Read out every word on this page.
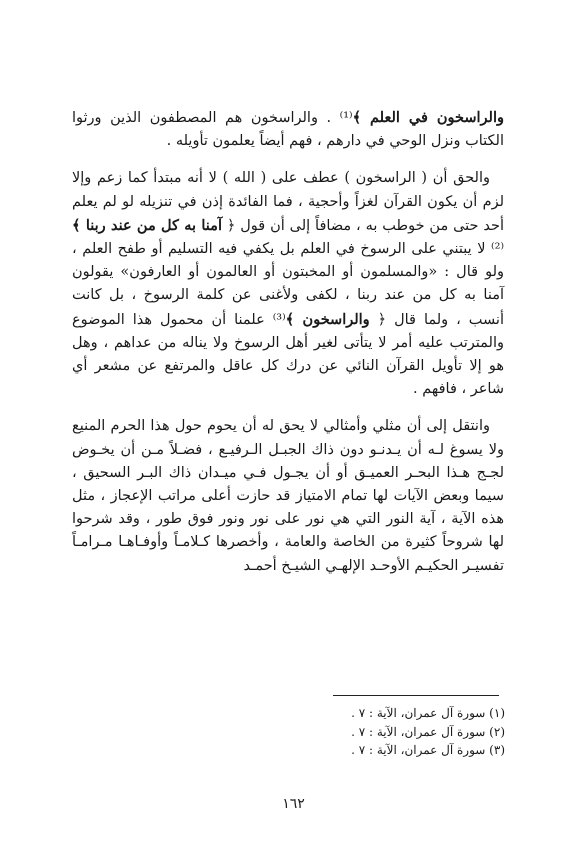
والراسخون في العلم ﴾⁽¹⁾ . والراسخون هم المصطفون الذين ورثوا الكتاب ونزل الوحي في دارهم ، فهم أيضاً يعلمون تأويله .

والحق أن ( الراسخون ) عطف على ( الله ) لا أنه مبتدأ كما زعم وإلا لزم أن يكون القرآن لغزاً وأحجية ، فما الفائدة إذن في تنزيله لو لم يعلم أحد حتى من خوطب به ، مضافاً إلى أن قول ﴿ آمنا به كل من عند ربنا ﴾⁽²⁾ لا يبتني على الرسوخ في العلم بل يكفي فيه التسليم أو طفح العلم ، ولو قال : «والمسلمون أو المخبتون أو العالمون أو العارفون» يقولون آمنا به كل من عند ربنا ، لكفى ولأغنى عن كلمة الرسوخ ، بل كانت أنسب ، ولما قال ﴿ والراسخون ﴾⁽³⁾ علمنا أن محمول هذا الموضوع والمترتب عليه أمر لا يتأتى لغير أهل الرسوخ ولا يناله من عداهم ، وهل هو إلا تأويل القرآن النائي عن درك كل عاقل والمرتفع عن مشعر أي شاعر ، فافهم .

وانتقل إلى أن مثلي وأمثالي لا يحق له أن يحوم حول هذا الحرم المنيع ولا يسوغ لـه أن يـدنـو دون ذاك الجبـل الـرفيـع ، فضـلاً مـن أن يخـوض لجـج هـذا البحـر العميـق أو أن يجـول فـي ميـدان ذاك البـر السحيق ، سيما وبعض الآيات لها تمام الامتياز قد حازت أعلى مراتب الإعجاز ، مثل هذه الآية ، آية النور التي هي نور على نور ونور فوق طور ، وقد شرحوا لها شروحاً كثيرة من الخاصة والعامة ، وأخصرها كـلامـاً وأوفـاهـا مـرامـاً تفسيـر الحكيـم الأوحـد الإلهـي الشيـخ أحمـد

(١) سورة آل عمران، الآية : ٧ .

(٢) سورة آل عمران، الآية : ٧ .

(٣) سورة آل عمران، الآية : ٧ .

١٦٢
